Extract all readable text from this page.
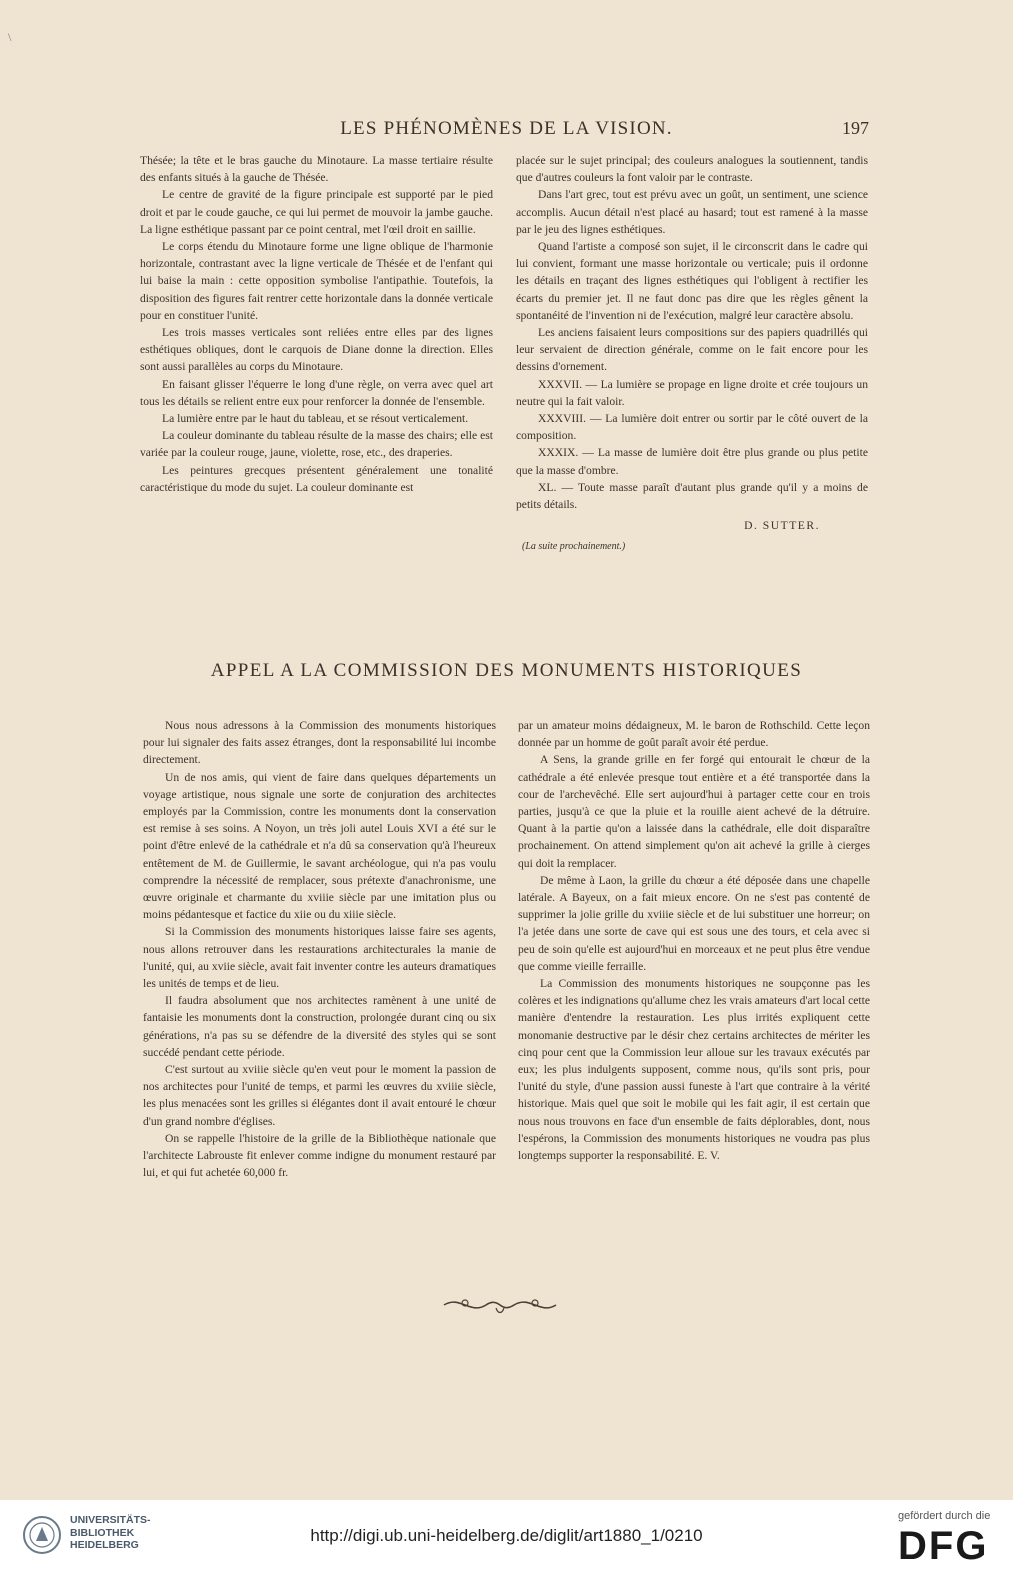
\
LES PHÉNOMÈNES DE LA VISION.	197

Thésée; la tête et le bras gauche du Minotaure. La masse tertiaire résulte des enfants situés à la gauche de Thésée.

Le centre de gravité de la figure principale est supporté par le pied droit et par le coude gauche, ce qui lui permet de mouvoir la jambe gauche. La ligne esthétique passant par ce point central, met l'œil droit en saillie.

Le corps étendu du Minotaure forme une ligne oblique de l'harmonie horizontale, contrastant avec la ligne verticale de Thésée et de l'enfant qui lui baise la main : cette opposition symbolise l'antipathie. Toutefois, la disposition des figures fait rentrer cette horizontale dans la donnée verticale pour en constituer l'unité.

Les trois masses verticales sont reliées entre elles par des lignes esthétiques obliques, dont le carquois de Diane donne la direction. Elles sont aussi parallèles au corps du Minotaure.

En faisant glisser l'équerre le long d'une règle, on verra avec quel art tous les détails se relient entre eux pour renforcer la donnée de l'ensemble.

La lumière entre par le haut du tableau, et se résout verticalement.

La couleur dominante du tableau résulte de la masse des chairs; elle est variée par la couleur rouge, jaune, violette, rose, etc., des draperies.

Les peintures grecques présentent généralement une tonalité caractéristique du mode du sujet. La couleur dominante est

placée sur le sujet principal; des couleurs analogues la soutiennent, tandis que d'autres couleurs la font valoir par le contraste.

Dans l'art grec, tout est prévu avec un goût, un sentiment, une science accomplis. Aucun détail n'est placé au hasard; tout est ramené à la masse par le jeu des lignes esthétiques.

Quand l'artiste a composé son sujet, il le circonscrit dans le cadre qui lui convient, formant une masse horizontale ou verticale; puis il ordonne les détails en traçant des lignes esthétiques qui l'obligent à rectifier les écarts du premier jet. Il ne faut donc pas dire que les règles gênent la spontanéité de l'invention ni de l'exécution, malgré leur caractère absolu.

Les anciens faisaient leurs compositions sur des papiers quadrillés qui leur servaient de direction générale, comme on le fait encore pour les dessins d'ornement.

XXXVII. — La lumière se propage en ligne droite et crée toujours un neutre qui la fait valoir.

XXXVIII. — La lumière doit entrer ou sortir par le côté ouvert de la composition.

XXXIX. — La masse de lumière doit être plus grande ou plus petite que la masse d'ombre.

XL. — Toute masse paraît d'autant plus grande qu'il y a moins de petits détails.

D. SUTTER.
(La suite prochainement.)
APPEL A LA COMMISSION DES MONUMENTS HISTORIQUES

Nous nous adressons à la Commission des monuments historiques pour lui signaler des faits assez étranges, dont la responsabilité lui incombe directement.

Un de nos amis, qui vient de faire dans quelques départements un voyage artistique, nous signale une sorte de conjuration des architectes employés par la Commission, contre les monuments dont la conservation est remise à ses soins. A Noyon, un très joli autel Louis XVI a été sur le point d'être enlevé de la cathédrale et n'a dû sa conservation qu'à l'heureux entêtement de M. de Guillermie, le savant archéologue, qui n'a pas voulu comprendre la nécessité de remplacer, sous prétexte d'anachronisme, une œuvre originale et charmante du xviiie siècle par une imitation plus ou moins pédantesque et factice du xiie ou du xiiie siècle.

Si la Commission des monuments historiques laisse faire ses agents, nous allons retrouver dans les restaurations architecturales la manie de l'unité, qui, au xviie siècle, avait fait inventer contre les auteurs dramatiques les unités de temps et de lieu.

Il faudra absolument que nos architectes ramènent à une unité de fantaisie les monuments dont la construction, prolongée durant cinq ou six générations, n'a pas su se défendre de la diversité des styles qui se sont succédé pendant cette période.

C'est surtout au xviiie siècle qu'en veut pour le moment la passion de nos architectes pour l'unité de temps, et parmi les œuvres du xviiie siècle, les plus menacées sont les grilles si élégantes dont il avait entouré le chœur d'un grand nombre d'églises.

On se rappelle l'histoire de la grille de la Bibliothèque nationale que l'architecte Labrouste fit enlever comme indigne du monument restauré par lui, et qui fut achetée 60,000 fr.

par un amateur moins dédaigneux, M. le baron de Rothschild. Cette leçon donnée par un homme de goût paraît avoir été perdue.

A Sens, la grande grille en fer forgé qui entourait le chœur de la cathédrale a été enlevée presque tout entière et a été transportée dans la cour de l'archevêché. Elle sert aujourd'hui à partager cette cour en trois parties, jusqu'à ce que la pluie et la rouille aient achevé de la détruire. Quant à la partie qu'on a laissée dans la cathédrale, elle doit disparaître prochainement. On attend simplement qu'on ait achevé la grille à cierges qui doit la remplacer.

De même à Laon, la grille du chœur a été déposée dans une chapelle latérale. A Bayeux, on a fait mieux encore. On ne s'est pas contenté de supprimer la jolie grille du xviiie siècle et de lui substituer une horreur; on l'a jetée dans une sorte de cave qui est sous une des tours, et cela avec si peu de soin qu'elle est aujourd'hui en morceaux et ne peut plus être vendue que comme vieille ferraille.

La Commission des monuments historiques ne soupçonne pas les colères et les indignations qu'allume chez les vrais amateurs d'art local cette manière d'entendre la restauration. Les plus irrités expliquent cette monomanie destructive par le désir chez certains architectes de mériter les cinq pour cent que la Commission leur alloue sur les travaux exécutés par eux; les plus indulgents supposent, comme nous, qu'ils sont pris, pour l'unité du style, d'une passion aussi funeste à l'art que contraire à la vérité historique. Mais quel que soit le mobile qui les fait agir, il est certain que nous nous trouvons en face d'un ensemble de faits déplorables, dont, nous l'espérons, la Commission des monuments historiques ne voudra pas plus longtemps supporter la responsabilité. E. V.

UNIVERSITÄTS-
BIBLIOTHEK
HEIDELBERG	http://digi.ub.uni-heidelberg.de/diglit/art1880_1/0210
gefördert durch die
DFG
